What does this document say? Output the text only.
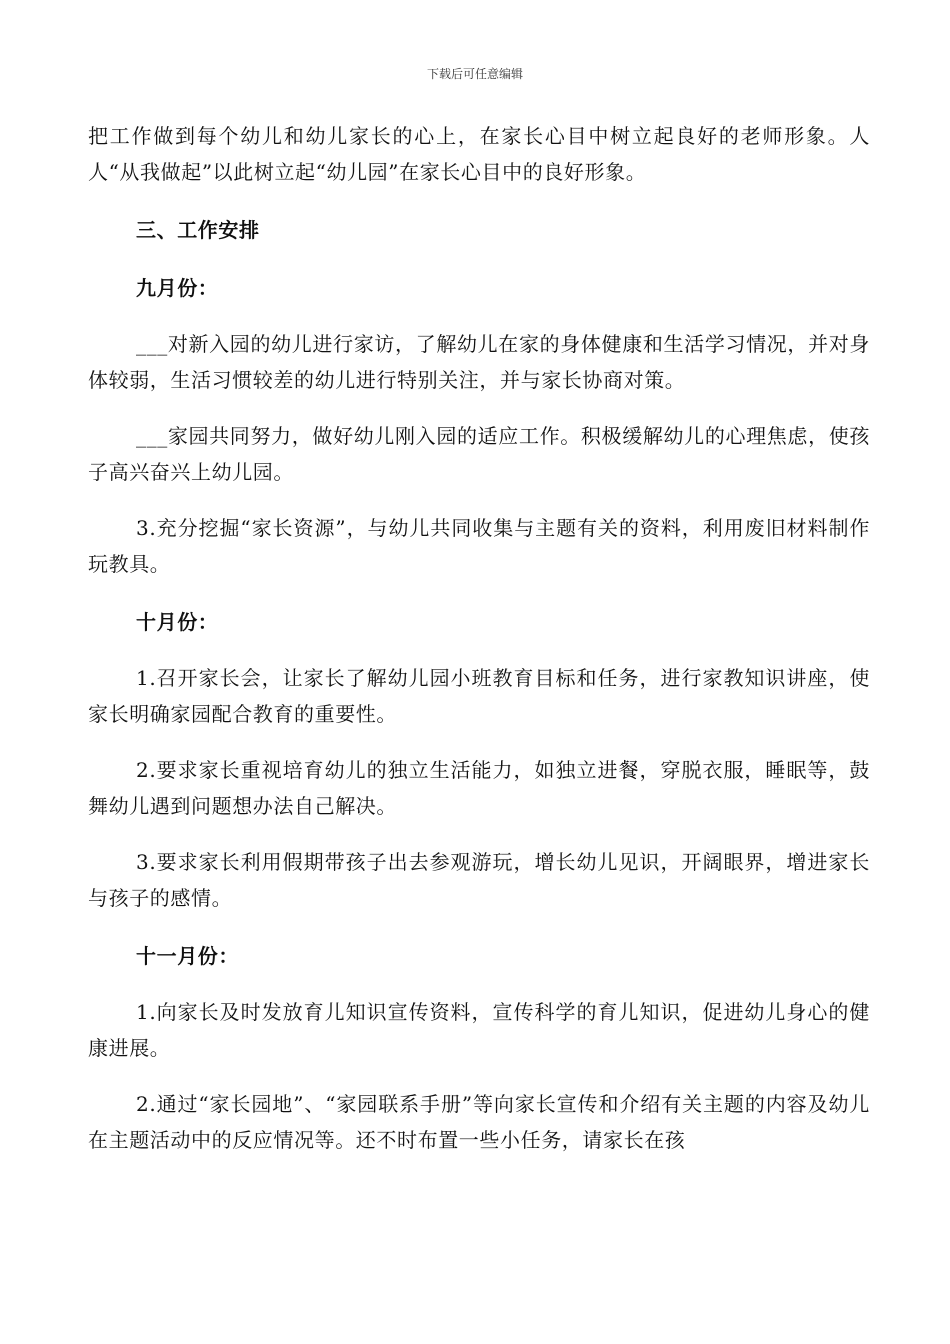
下载后可任意编辑

把工作做到每个幼儿和幼儿家长的心上，在家长心目中树立起良好的老师形象。人人“从我做起”以此树立起“幼儿园”在家长心目中的良好形象。

三、工作安排

九月份：

___对新入园的幼儿进行家访，了解幼儿在家的身体健康和生活学习情况，并对身体较弱，生活习惯较差的幼儿进行特别关注，并与家长协商对策。

___家园共同努力，做好幼儿刚入园的适应工作。积极缓解幼儿的心理焦虑，使孩子高兴奋兴上幼儿园。

3.充分挖掘“家长资源”，与幼儿共同收集与主题有关的资料，利用废旧材料制作玩教具。

十月份：

1.召开家长会，让家长了解幼儿园小班教育目标和任务，进行家教知识讲座，使家长明确家园配合教育的重要性。

2.要求家长重视培育幼儿的独立生活能力，如独立进餐，穿脱衣服，睡眠等，鼓舞幼儿遇到问题想办法自己解决。

3.要求家长利用假期带孩子出去参观游玩，增长幼儿见识，开阔眼界，增进家长与孩子的感情。

十一月份：

1.向家长及时发放育儿知识宣传资料，宣传科学的育儿知识，促进幼儿身心的健康进展。

2.通过“家长园地”、“家园联系手册”等向家长宣传和介绍有关主题的内容及幼儿在主题活动中的反应情况等。还不时布置一些小任务，请家长在孩
